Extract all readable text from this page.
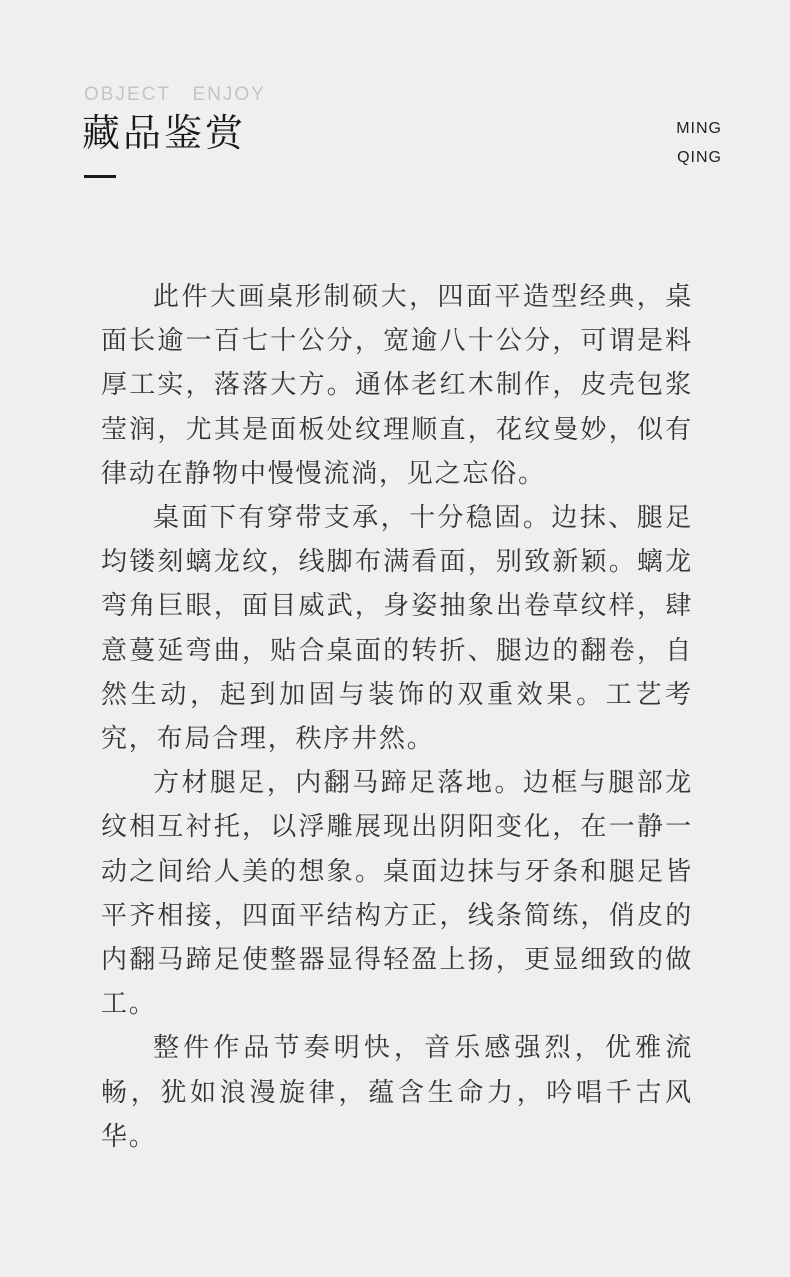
OBJECT   ENJOY
藏品鉴赏	MING
QING

此件大画桌形制硕大，四面平造型经典，桌面长逾一百七十公分，宽逾八十公分，可谓是料厚工实，落落大方。通体老红木制作，皮壳包浆莹润，尤其是面板处纹理顺直，花纹曼妙，似有律动在静物中慢慢流淌，见之忘俗。

桌面下有穿带支承，十分稳固。边抹、腿足均镂刻螭龙纹，线脚布满看面，别致新颖。螭龙弯角巨眼，面目威武，身姿抽象出卷草纹样，肆意蔓延弯曲，贴合桌面的转折、腿边的翻卷，自然生动，起到加固与装饰的双重效果。工艺考究，布局合理，秩序井然。

方材腿足，内翻马蹄足落地。边框与腿部龙纹相互衬托，以浮雕展现出阴阳变化，在一静一动之间给人美的想象。桌面边抹与牙条和腿足皆平齐相接，四面平结构方正，线条简练，俏皮的内翻马蹄足使整器显得轻盈上扬，更显细致的做工。

整件作品节奏明快，音乐感强烈，优雅流畅，犹如浪漫旋律，蕴含生命力，吟唱千古风华。
